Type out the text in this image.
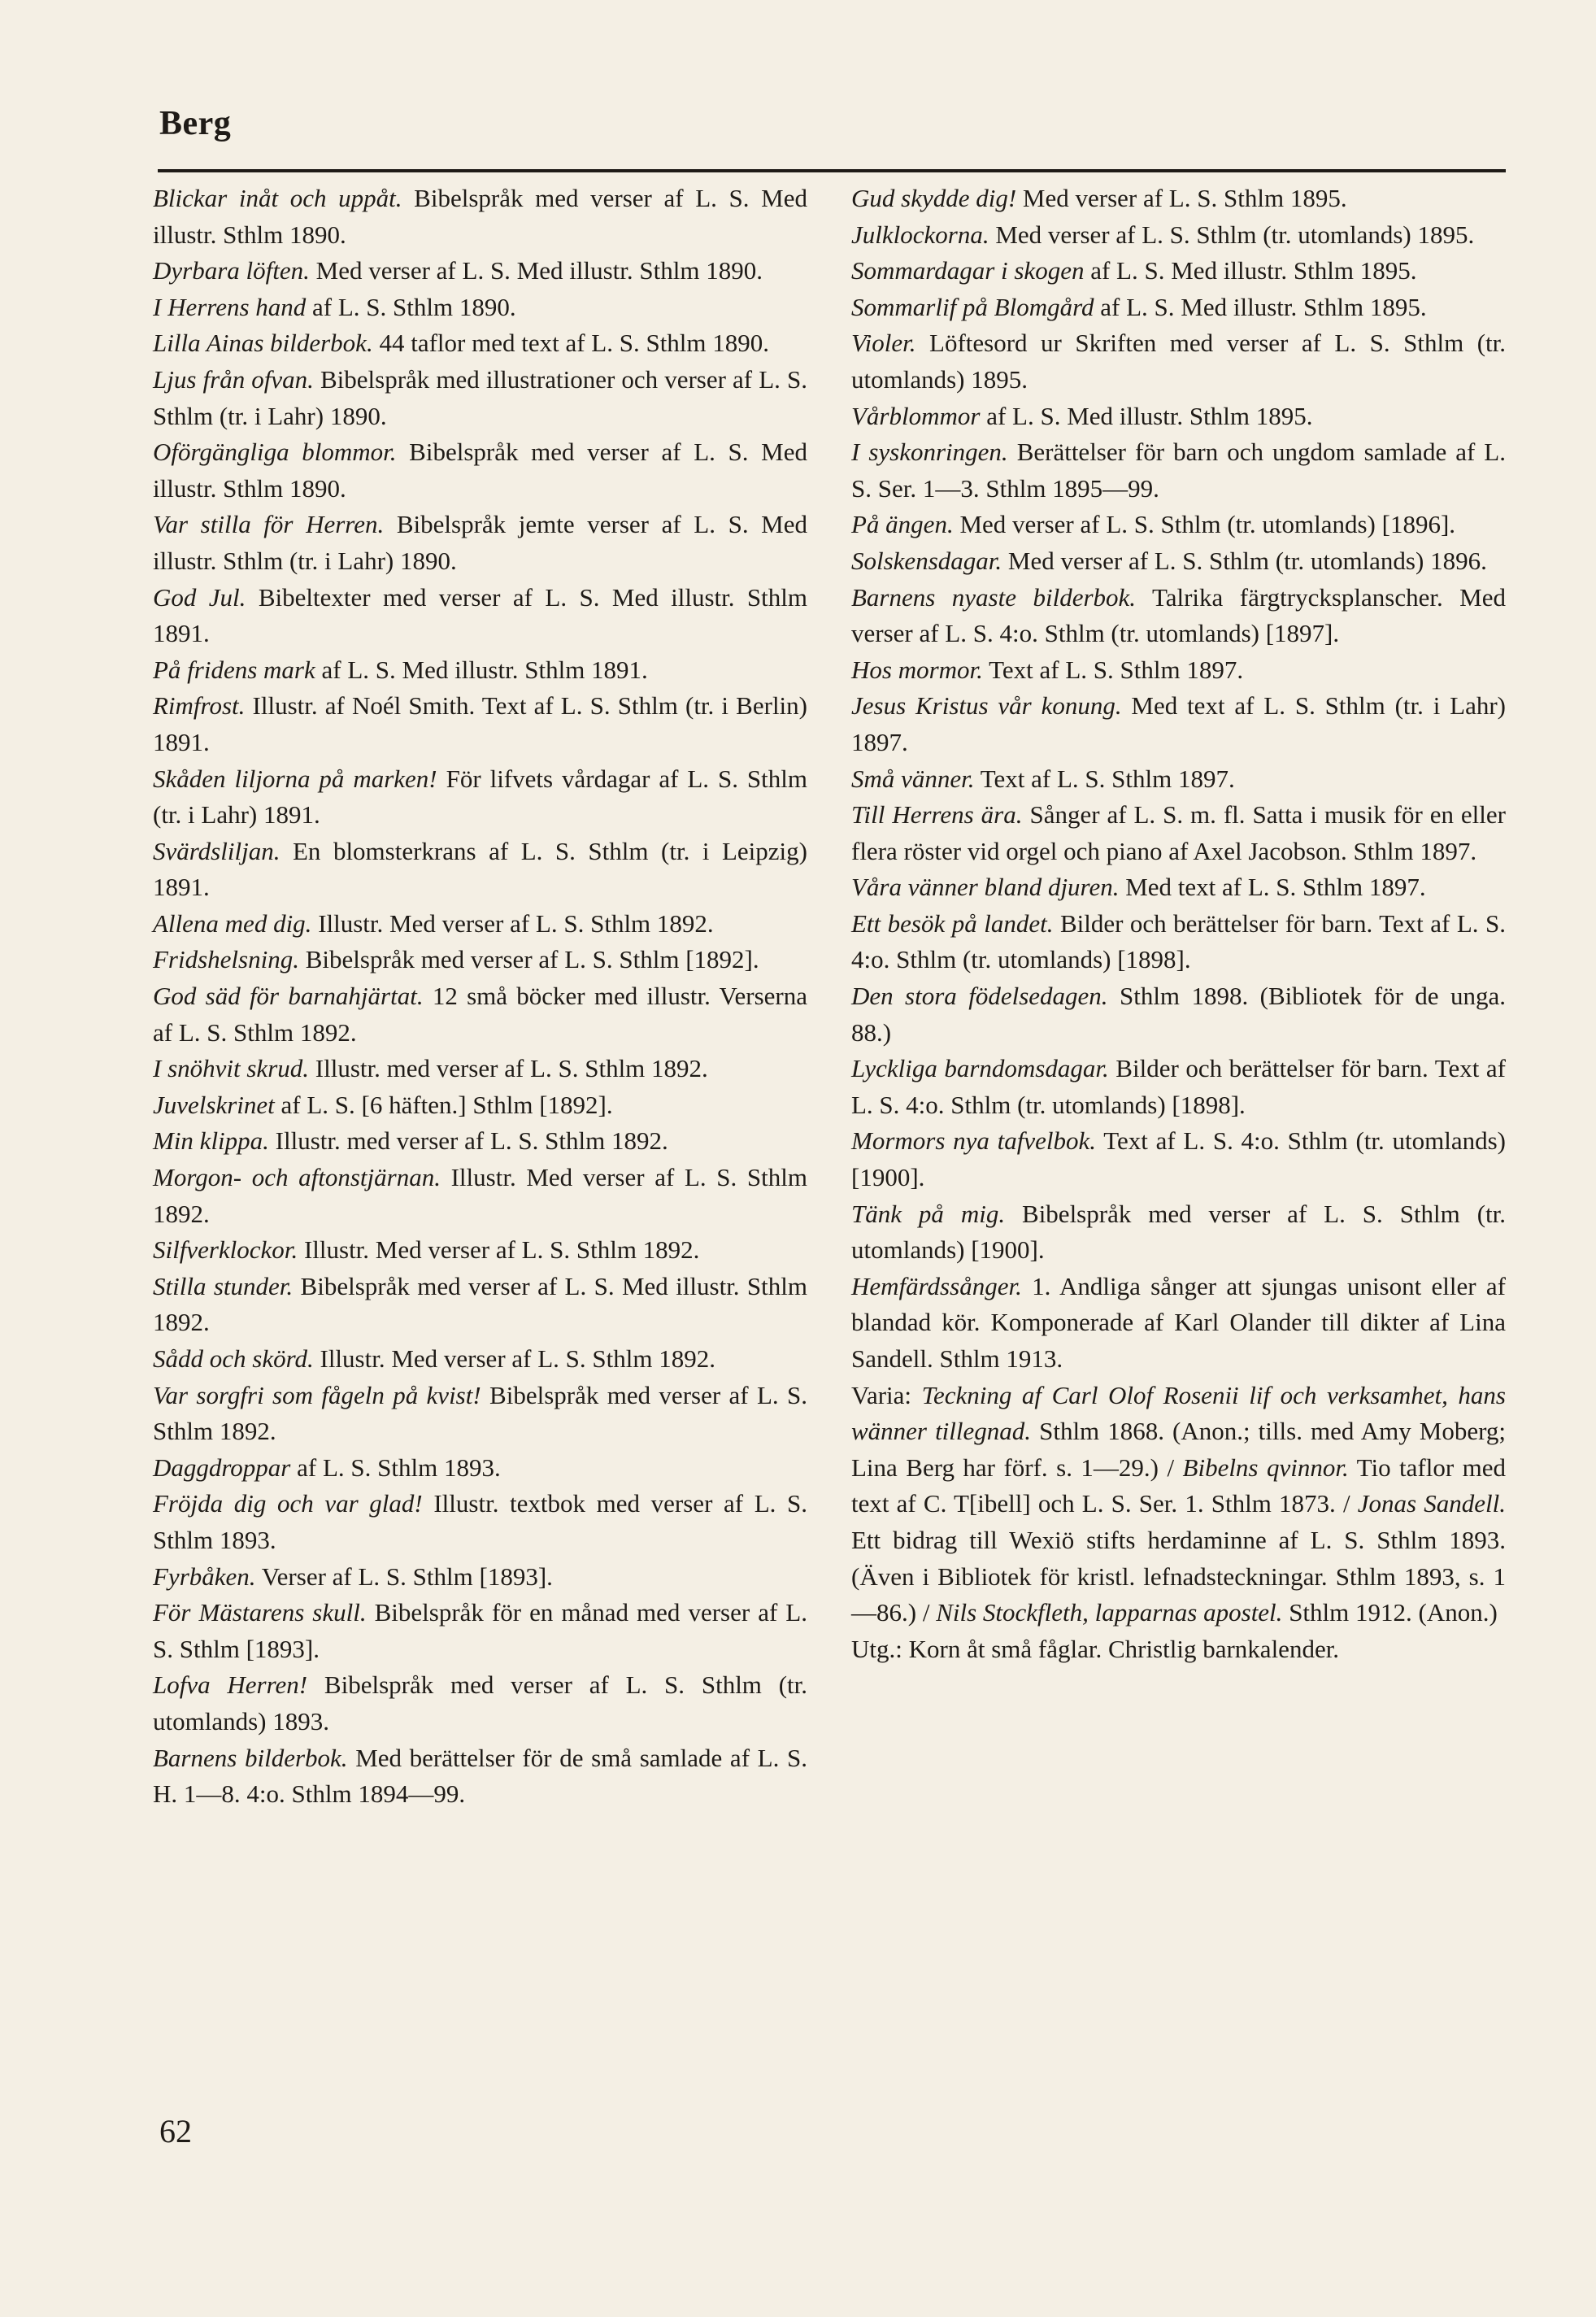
Berg

Blickar inåt och uppåt. Bibelspråk med verser af L. S. Med illustr. Sthlm 1890.

Dyrbara löften. Med verser af L. S. Med illustr. Sthlm 1890.

I Herrens hand af L. S. Sthlm 1890.

Lilla Ainas bilderbok. 44 taflor med text af L. S. Sthlm 1890.

Ljus från ofvan. Bibelspråk med illustrationer och verser af L. S. Sthlm (tr. i Lahr) 1890.

Oförgängliga blommor. Bibelspråk med verser af L. S. Med illustr. Sthlm 1890.

Var stilla för Herren. Bibelspråk jemte verser af L. S. Med illustr. Sthlm (tr. i Lahr) 1890.

God Jul. Bibeltexter med verser af L. S. Med illustr. Sthlm 1891.

På fridens mark af L. S. Med illustr. Sthlm 1891.

Rimfrost. Illustr. af Noél Smith. Text af L. S. Sthlm (tr. i Berlin) 1891.

Skåden liljorna på marken! För lifvets vårdagar af L. S. Sthlm (tr. i Lahr) 1891.

Svärdsliljan. En blomsterkrans af L. S. Sthlm (tr. i Leipzig) 1891.

Allena med dig. Illustr. Med verser af L. S. Sthlm 1892.

Fridshelsning. Bibelspråk med verser af L. S. Sthlm [1892].

God säd för barnahjärtat. 12 små böcker med illustr. Verserna af L. S. Sthlm 1892.

I snöhvit skrud. Illustr. med verser af L. S. Sthlm 1892.

Juvelskrinet af L. S. [6 häften.] Sthlm [1892].

Min klippa. Illustr. med verser af L. S. Sthlm 1892.

Morgon- och aftonstjärnan. Illustr. Med verser af L. S. Sthlm 1892.

Silfverklockor. Illustr. Med verser af L. S. Sthlm 1892.

Stilla stunder. Bibelspråk med verser af L. S. Med illustr. Sthlm 1892.

Sådd och skörd. Illustr. Med verser af L. S. Sthlm 1892.

Var sorgfri som fågeln på kvist! Bibelspråk med verser af L. S. Sthlm 1892.

Daggdroppar af L. S. Sthlm 1893.

Fröjda dig och var glad! Illustr. textbok med verser af L. S. Sthlm 1893.

Fyrbåken. Verser af L. S. Sthlm [1893].

För Mästarens skull. Bibelspråk för en månad med verser af L. S. Sthlm [1893].

Lofva Herren! Bibelspråk med verser af L. S. Sthlm (tr. utomlands) 1893.

Barnens bilderbok. Med berättelser för de små samlade af L. S. H. 1—8. 4:o. Sthlm 1894—99.

Gud skydde dig! Med verser af L. S. Sthlm 1895.

Julklockorna. Med verser af L. S. Sthlm (tr. utomlands) 1895.

Sommardagar i skogen af L. S. Med illustr. Sthlm 1895.

Sommarlif på Blomgård af L. S. Med illustr. Sthlm 1895.

Violer. Löftesord ur Skriften med verser af L. S. Sthlm (tr. utomlands) 1895.

Vårblommor af L. S. Med illustr. Sthlm 1895.

I syskonringen. Berättelser för barn och ungdom samlade af L. S. Ser. 1—3. Sthlm 1895—99.

På ängen. Med verser af L. S. Sthlm (tr. utomlands) [1896].

Solskensdagar. Med verser af L. S. Sthlm (tr. utomlands) 1896.

Barnens nyaste bilderbok. Talrika färgtrycksplanscher. Med verser af L. S. 4:o. Sthlm (tr. utomlands) [1897].

Hos mormor. Text af L. S. Sthlm 1897.

Jesus Kristus vår konung. Med text af L. S. Sthlm (tr. i Lahr) 1897.

Små vänner. Text af L. S. Sthlm 1897.

Till Herrens ära. Sånger af L. S. m. fl. Satta i musik för en eller flera röster vid orgel och piano af Axel Jacobson. Sthlm 1897.

Våra vänner bland djuren. Med text af L. S. Sthlm 1897.

Ett besök på landet. Bilder och berättelser för barn. Text af L. S. 4:o. Sthlm (tr. utomlands) [1898].

Den stora födelsedagen. Sthlm 1898. (Bibliotek för de unga. 88.)

Lyckliga barndomsdagar. Bilder och berättelser för barn. Text af L. S. 4:o. Sthlm (tr. utomlands) [1898].

Mormors nya tafvelbok. Text af L. S. 4:o. Sthlm (tr. utomlands) [1900].

Tänk på mig. Bibelspråk med verser af L. S. Sthlm (tr. utomlands) [1900].

Hemfärdssånger. 1. Andliga sånger att sjungas unisont eller af blandad kör. Komponerade af Karl Olander till dikter af Lina Sandell. Sthlm 1913.

Varia: Teckning af Carl Olof Rosenii lif och verksamhet, hans wänner tillegnad. Sthlm 1868. (Anon.; tills. med Amy Moberg; Lina Berg har förf. s. 1—29.) / Bibelns qvinnor. Tio taflor med text af C. T[ibell] och L. S. Ser. 1. Sthlm 1873. / Jonas Sandell. Ett bidrag till Wexiö stifts herdaminne af L. S. Sthlm 1893. (Även i Bibliotek för kristl. lefnadsteckningar. Sthlm 1893, s. 1—86.) / Nils Stockfleth, lapparnas apostel. Sthlm 1912. (Anon.)

Utg.: Korn åt små fåglar. Christlig barnkalender.

62
